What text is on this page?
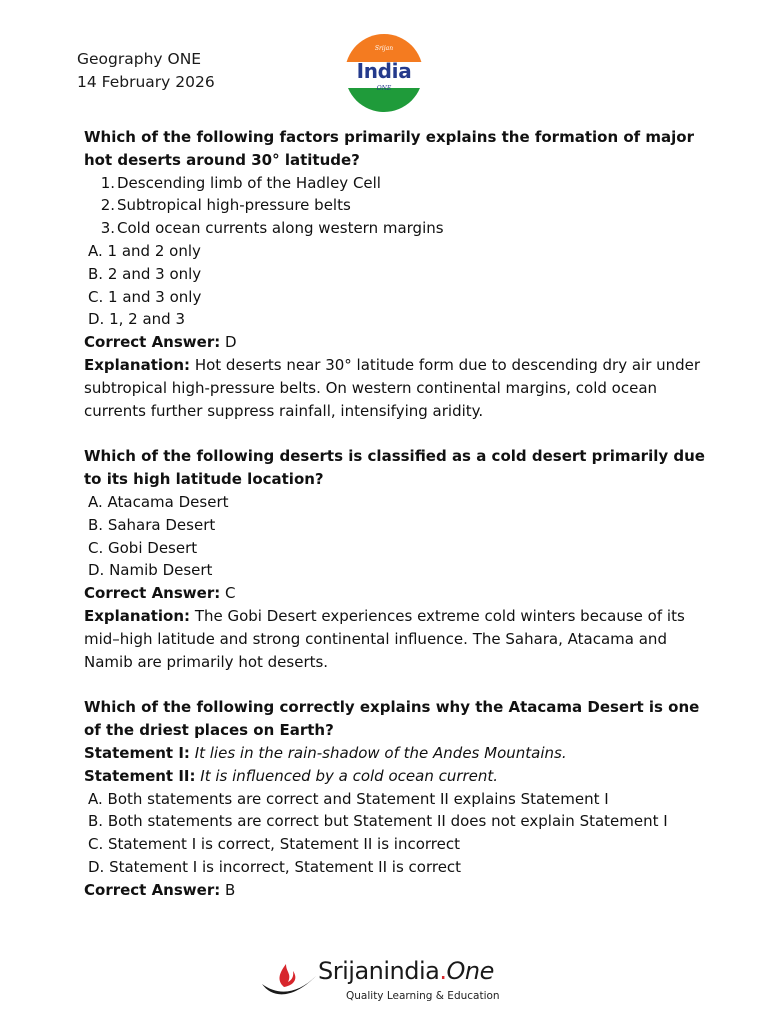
Geography ONE
14 February 2026
Srijan
India
ONE

Which of the following factors primarily explains the formation of major hot deserts around 30° latitude?

1. Descending limb of the Hadley Cell

2. Subtropical high-pressure belts

3. Cold ocean currents along western margins

A. 1 and 2 only

B. 2 and 3 only

C. 1 and 3 only

D. 1, 2 and 3

Correct Answer: D

Explanation: Hot deserts near 30° latitude form due to descending dry air under subtropical high-pressure belts. On western continental margins, cold ocean currents further suppress rainfall, intensifying aridity.

Which of the following deserts is classified as a cold desert primarily due to its high latitude location?

A. Atacama Desert

B. Sahara Desert

C. Gobi Desert

D. Namib Desert

Correct Answer: C

Explanation: The Gobi Desert experiences extreme cold winters because of its mid–high latitude and strong continental influence. The Sahara, Atacama and Namib are primarily hot deserts.

Which of the following correctly explains why the Atacama Desert is one of the driest places on Earth?

Statement I: It lies in the rain-shadow of the Andes Mountains.

Statement II: It is influenced by a cold ocean current.

A. Both statements are correct and Statement II explains Statement I

B. Both statements are correct but Statement II does not explain Statement I

C. Statement I is correct, Statement II is incorrect

D. Statement I is incorrect, Statement II is correct

Correct Answer: B

Srijanindia.One
Quality Learning & Education
